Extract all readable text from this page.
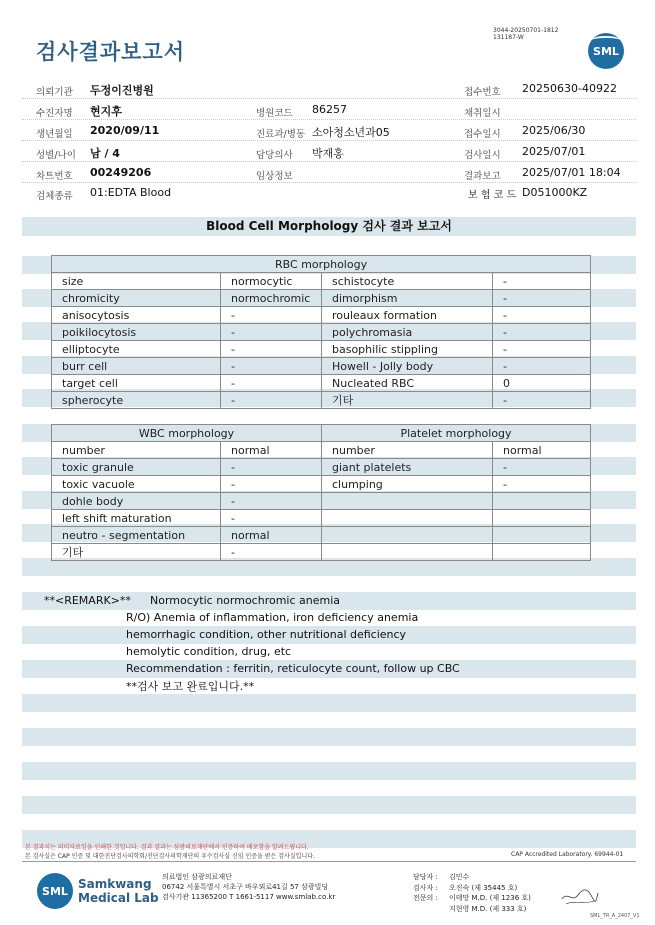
검사결과보고서
3044-20250701-1812
131187-W
SML
의뢰기관 두정이진병원	접수번호 20250630-40922
수진자명 현지후	병원코드 86257	채취일시
생년월일 2020/09/11	진료과/병동 소아청소년과05	접수일시 2025/06/30
성별/나이 남 / 4	담당의사 박재홍	검사일시 2025/07/01
차트번호 00249206	임상정보	결과보고 2025/07/01 18:04
검체종류 01:EDTA Blood	보 험 코 드 D051000KZ
Blood Cell Morphology 검사 결과 보고서
RBC morphology			
size	normocytic	schistocyte	-
chromicity	normochromic	dimorphism	-
anisocytosis	-	rouleaux formation	-
poikilocytosis	-	polychromasia	-
elliptocyte	-	basophilic stippling	-
burr cell	-	Howell - Jolly body	-
target cell	-	Nucleated RBC	0
spherocyte	-	기타	-
WBC morphology		Platelet morphology	
number	normal	number	normal
toxic granule	-	giant platelets	-
toxic vacuole	-	clumping	-
dohle body	-		
left shift maturation	-		
neutro - segmentation	normal		
기타	-		
**<REMARK>** Normocytic normochromic anemia
R/O) Anemia of inflammation, iron deficiency anemia
hemorrhagic condition, other nutritional deficiency
hemolytic condition, drug, etc
Recommendation : ferritin, reticulocyte count, follow up CBC
**검사 보고 완료입니다.**
본 결과지는 의미자료일을 인쇄한 것입니다. 결과 결과는 삼광의료재단에서 인증하여 배포함을 알려드립니다.
본 검사실은 CAP 인증 및 대한진단검사의학회/진단검사의학재단의 우수검사실 신임 인증을 받은 검사실입니다.	CAP Accredited Laboratory. 69944-01
SML Samkwang
Medical Lab
의료법인 삼광의료재단
06742 서울특별시 서초구 바우뫼로41길 57 삼광빌딩
검사기관 11365200 T 1661-5117 www.smlab.co.kr
담당자 : 김민수
검사자 : 오진숙 (제 35445 호)
전문의 : 이태망 M.D. (제 1236 호)
지현영 M.D. (제 333 호)
SML_TR_A_2407_V1
